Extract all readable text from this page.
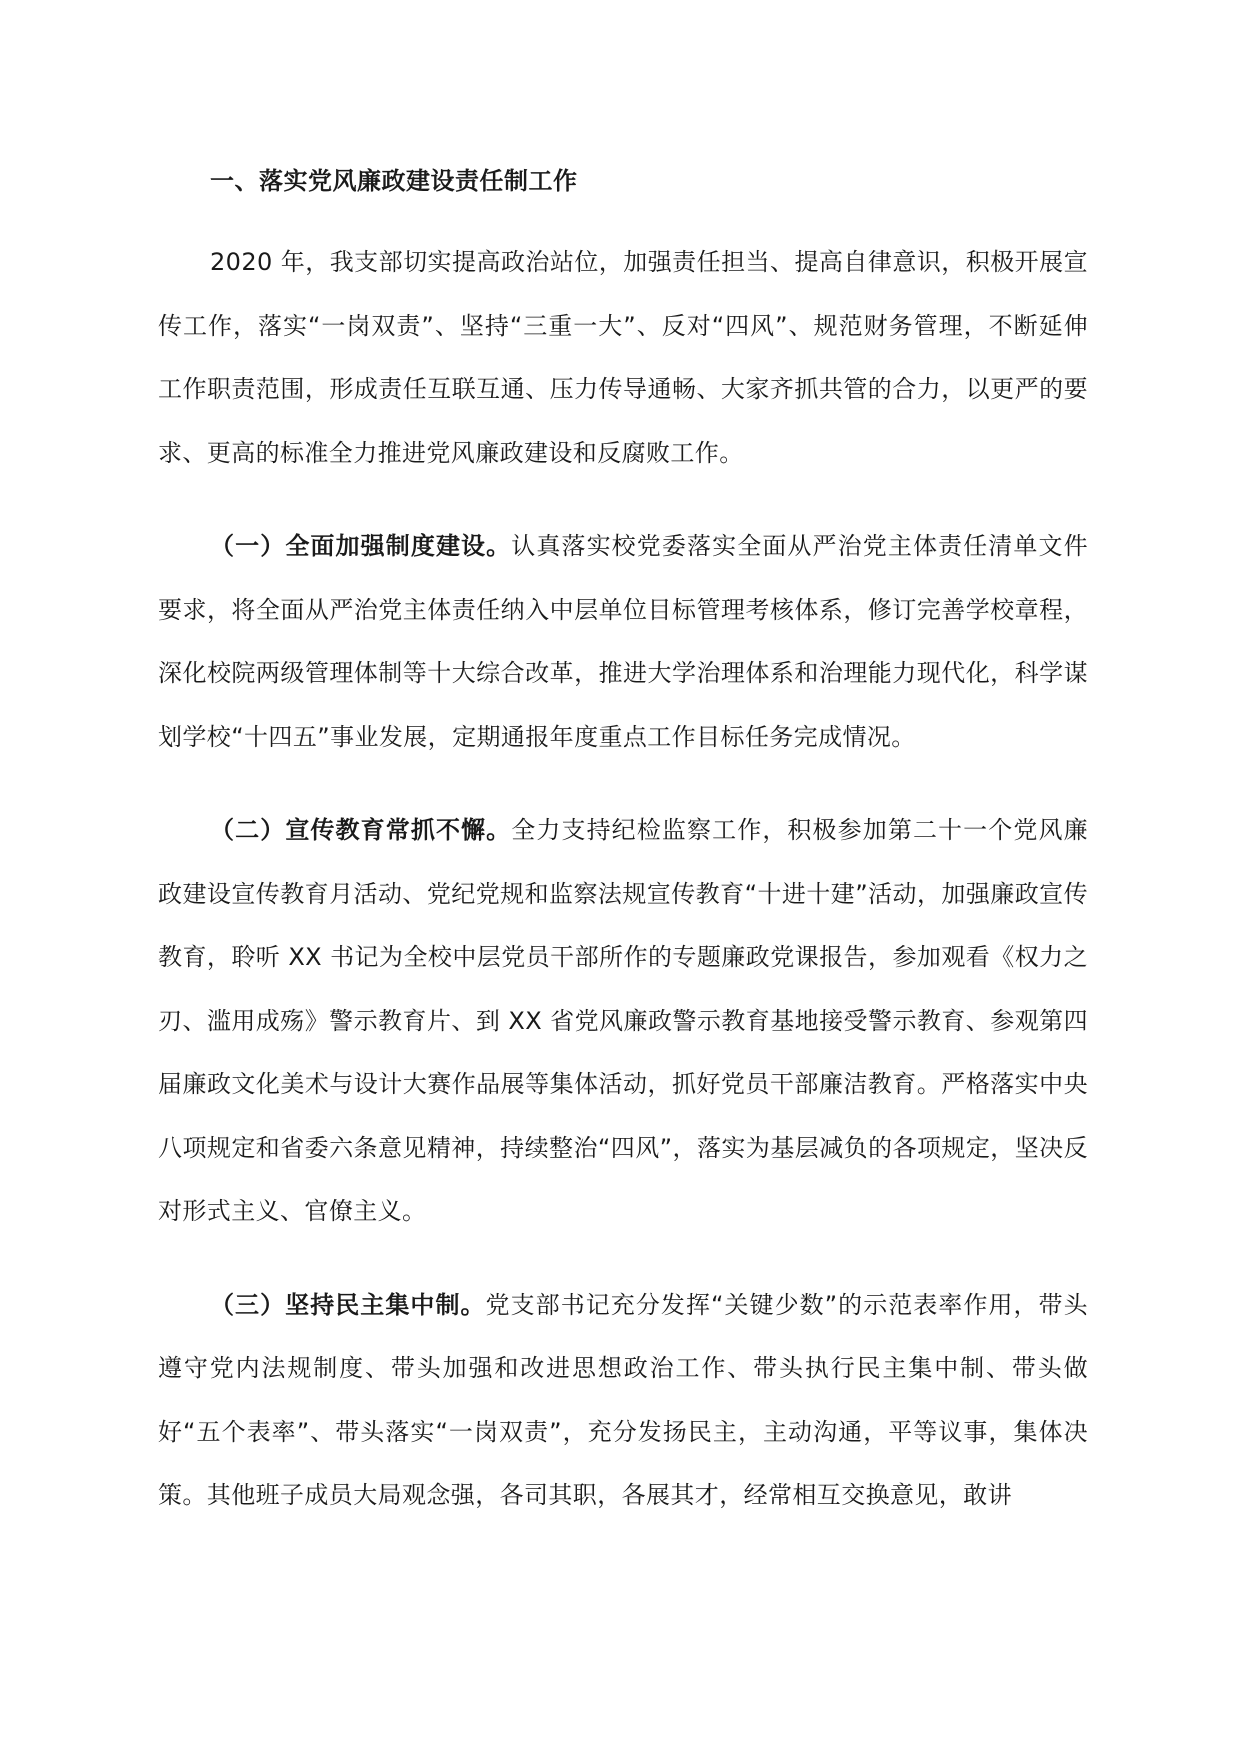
一、落实党风廉政建设责任制工作

2020 年，我支部切实提高政治站位，加强责任担当、提高自律意识，积极开展宣传工作，落实“一岗双责”、坚持“三重一大”、反对“四风”、规范财务管理，不断延伸工作职责范围，形成责任互联互通、压力传导通畅、大家齐抓共管的合力，以更严的要求、更高的标准全力推进党风廉政建设和反腐败工作。

（一）全面加强制度建设。认真落实校党委落实全面从严治党主体责任清单文件要求，将全面从严治党主体责任纳入中层单位目标管理考核体系，修订完善学校章程，深化校院两级管理体制等十大综合改革，推进大学治理体系和治理能力现代化，科学谋划学校“十四五”事业发展，定期通报年度重点工作目标任务完成情况。

（二）宣传教育常抓不懈。全力支持纪检监察工作，积极参加第二十一个党风廉政建设宣传教育月活动、党纪党规和监察法规宣传教育“十进十建”活动，加强廉政宣传教育，聆听 XX 书记为全校中层党员干部所作的专题廉政党课报告，参加观看《权力之刃、滥用成殇》警示教育片、到 XX 省党风廉政警示教育基地接受警示教育、参观第四届廉政文化美术与设计大赛作品展等集体活动，抓好党员干部廉洁教育。严格落实中央八项规定和省委六条意见精神，持续整治“四风”，落实为基层减负的各项规定，坚决反对形式主义、官僚主义。

（三）坚持民主集中制。党支部书记充分发挥“关键少数”的示范表率作用，带头遵守党内法规制度、带头加强和改进思想政治工作、带头执行民主集中制、带头做好“五个表率”、带头落实“一岗双责”，充分发扬民主，主动沟通，平等议事，集体决策。其他班子成员大局观念强，各司其职，各展其才，经常相互交换意见，敢讲
